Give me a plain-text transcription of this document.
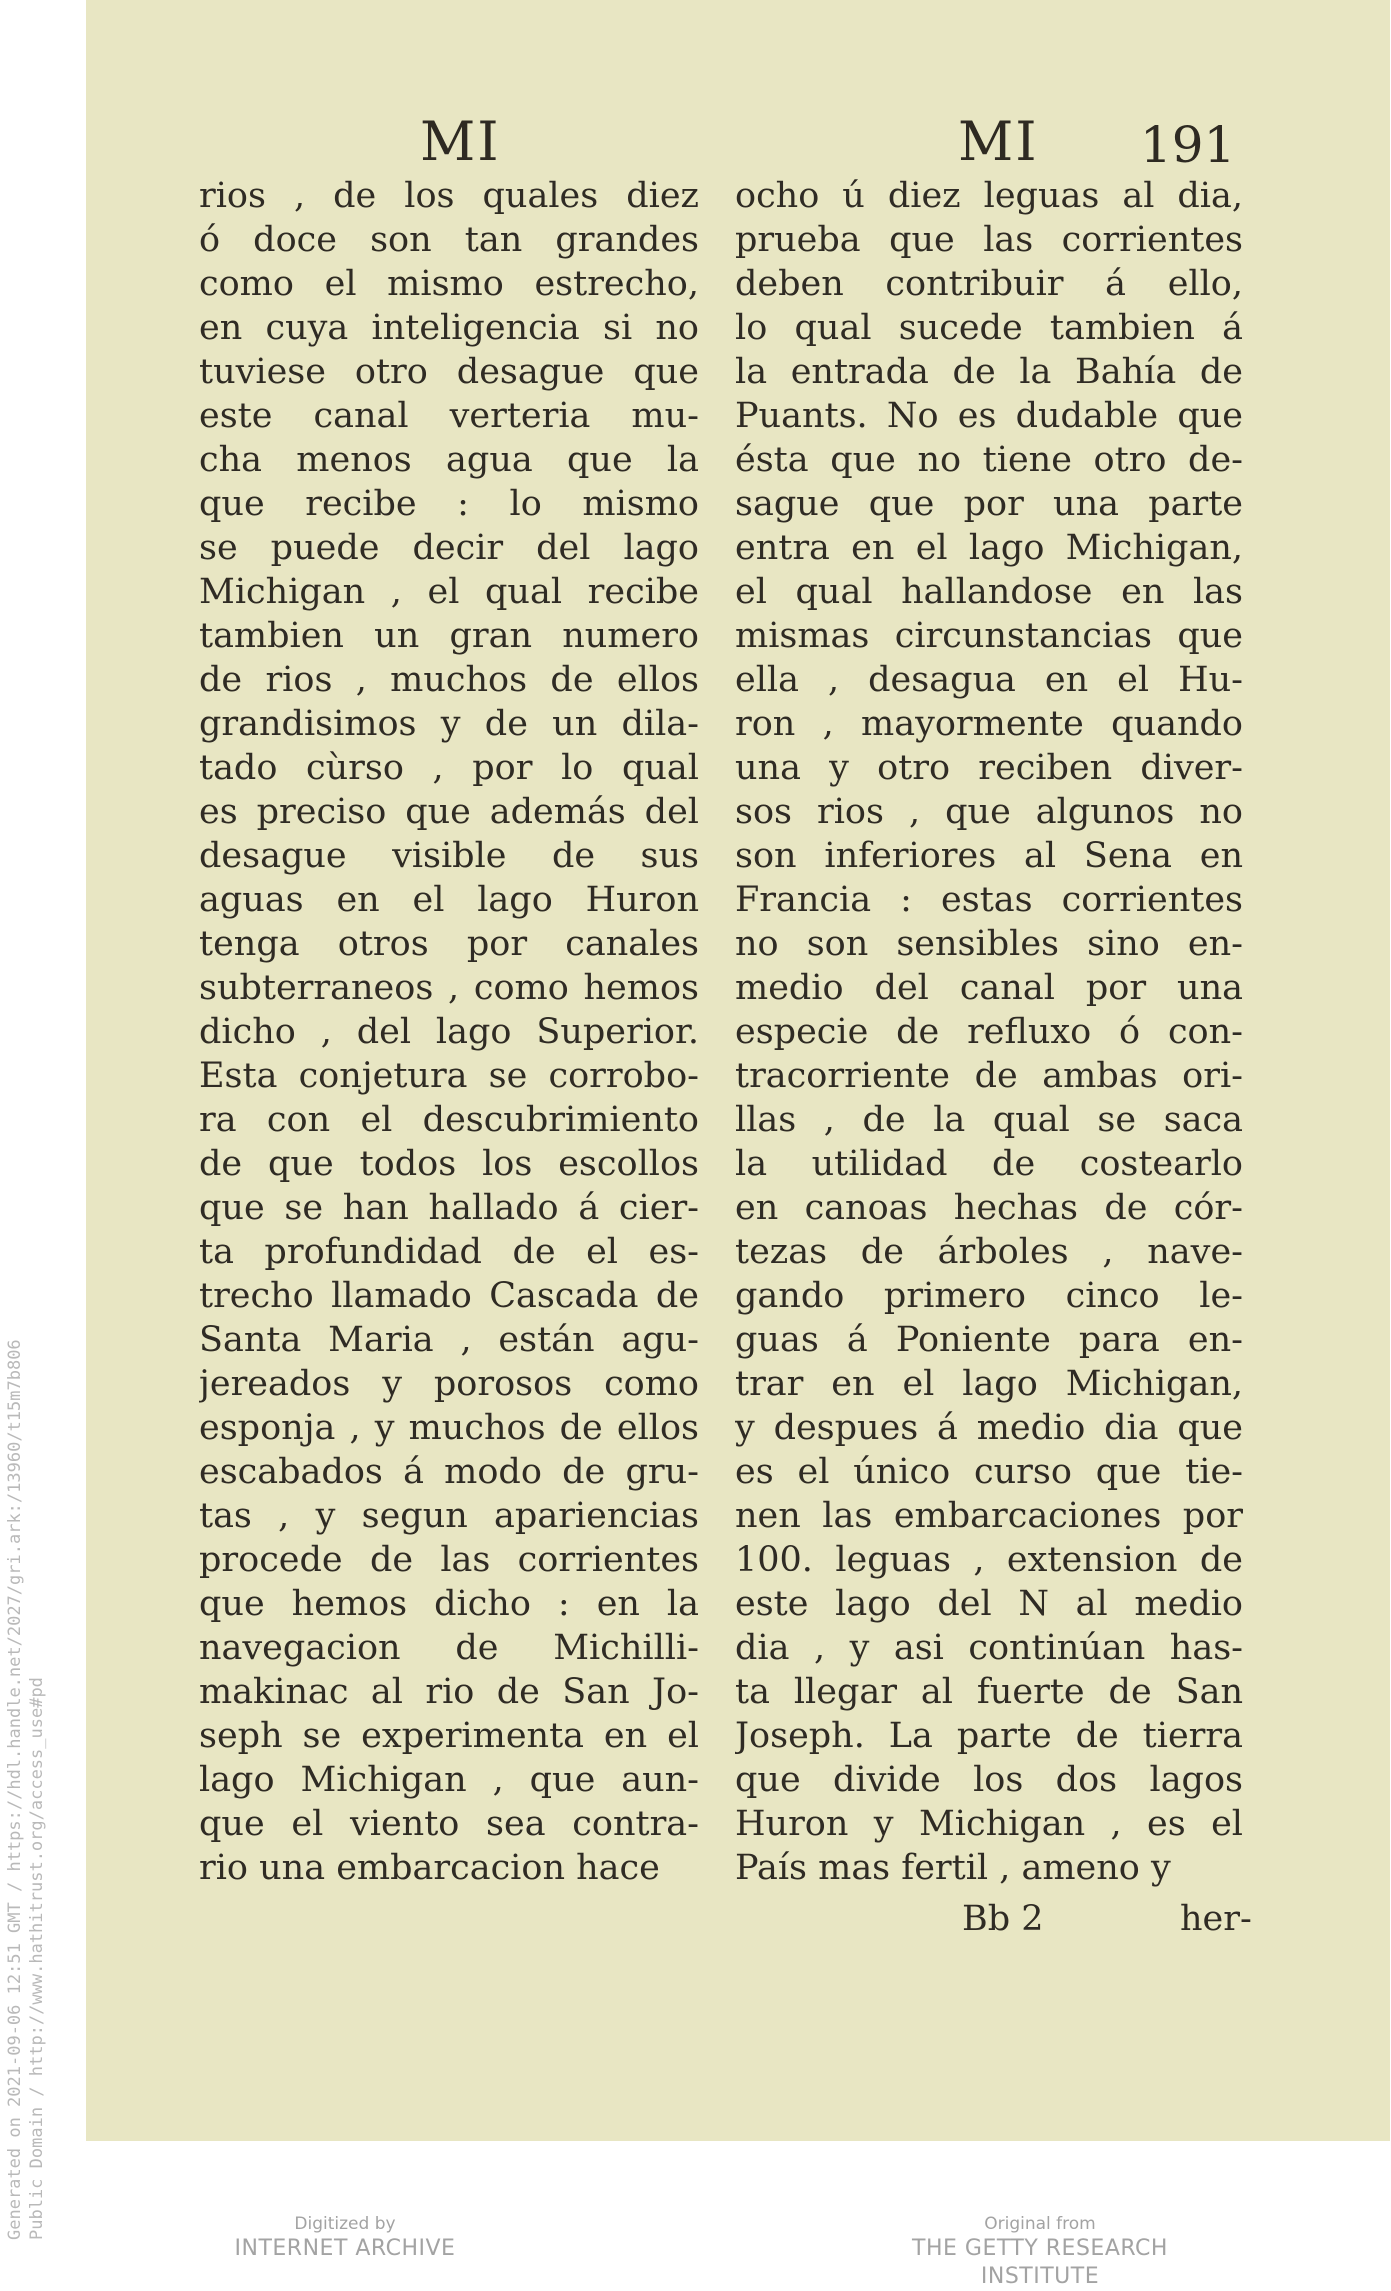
Generated on 2021-09-06 12:51 GMT / https://hdl.handle.net/2027/gri.ark:/13960/t15m7b806 Public Domain / http://www.hathitrust.org/access_use#pd
MI	MI 191
rios , de los quales diez
ó doce son tan grandes
como el mismo estrecho,
en cuya inteligencia si no
tuviese otro desague que
este canal verteria mu-
cha menos agua que la
que recibe : lo mismo
se puede decir del lago
Michigan , el qual recibe
tambien un gran numero
de rios , muchos de ellos
grandisimos y de un dila-
tado cùrso , por lo qual
es preciso que además del
desague visible de sus
aguas en el lago Huron
tenga otros por canales
subterraneos , como hemos
dicho , del lago Superior.
Esta conjetura se corrobo-
ra con el descubrimiento
de que todos los escollos
que se han hallado á cier-
ta profundidad de el es-
trecho llamado Cascada de
Santa Maria , están agu-
jereados y porosos como
esponja , y muchos de ellos
escabados á modo de gru-
tas , y segun apariencias
procede de las corrientes
que hemos dicho : en la
navegacion de Michilli-
makinac al rio de San Jo-
seph se experimenta en el
lago Michigan , que aun-
que el viento sea contra-
rio una embarcacion hace
ocho ú diez leguas al dia,
prueba que las corrientes
deben contribuir á ello,
lo qual sucede tambien á
la entrada de la Bahía de
Puants. No es dudable que
ésta que no tiene otro de-
sague que por una parte
entra en el lago Michigan,
el qual hallandose en las
mismas circunstancias que
ella , desagua en el Hu-
ron , mayormente quando
una y otro reciben diver-
sos rios , que algunos no
son inferiores al Sena en
Francia : estas corrientes
no son sensibles sino en-
medio del canal por una
especie de refluxo ó con-
tracorriente de ambas ori-
llas , de la qual se saca
la utilidad de costearlo
en canoas hechas de cór-
tezas de árboles , nave-
gando primero cinco le-
guas á Poniente para en-
trar en el lago Michigan,
y despues á medio dia que
es el único curso que tie-
nen las embarcaciones por
100. leguas , extension de
este lago del N al medio
dia , y asi continúan has-
ta llegar al fuerte de San
Joseph. La parte de tierra
que divide los dos lagos
Huron y Michigan , es el
País mas fertil , ameno y
Bb 2	her-
Digitized by
INTERNET ARCHIVE
Original from
THE GETTY RESEARCH INSTITUTE
